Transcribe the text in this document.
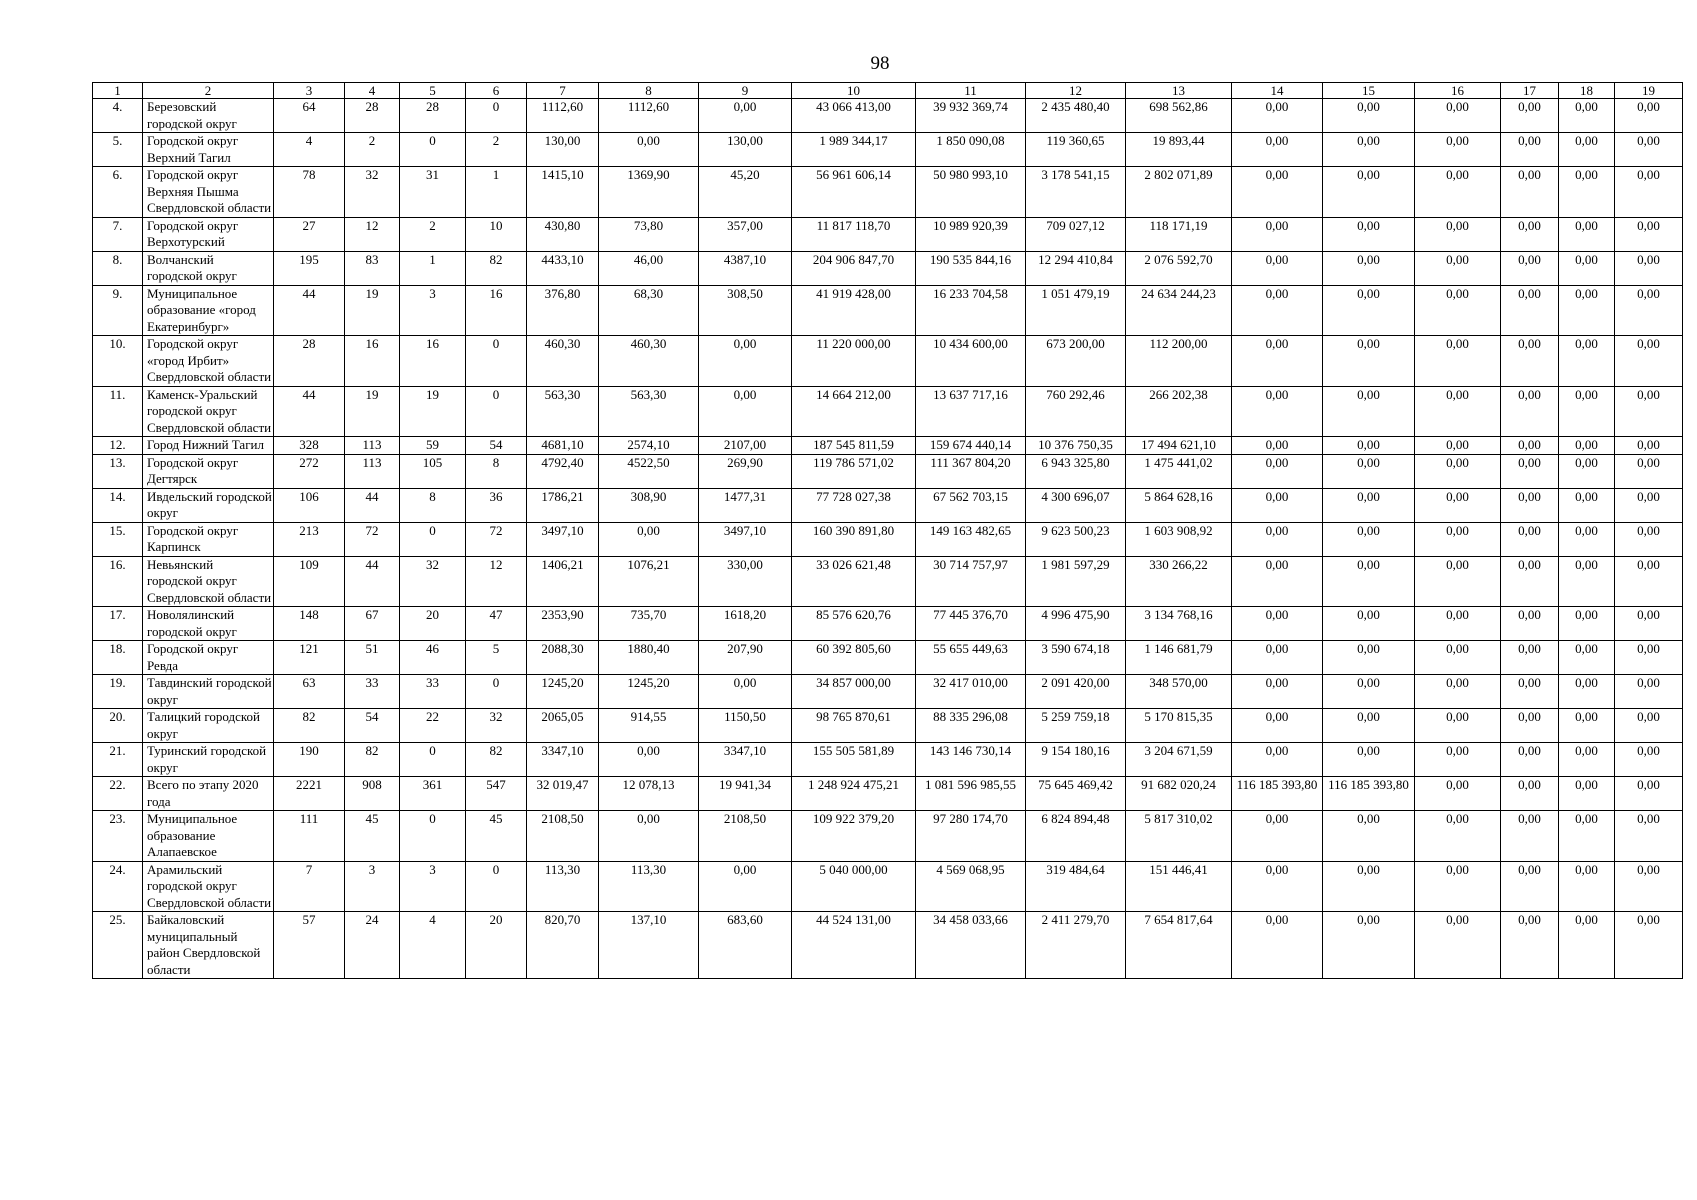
98
1	2	3	4	5	6	7	8	9	10	11	12	13	14	15	16	17	18	19
4.	Березовский городской округ	64	28	28	0	1112,60	1112,60	0,00	43 066 413,00	39 932 369,74	2 435 480,40	698 562,86	0,00	0,00	0,00	0,00	0,00	0,00
5.	Городской округ Верхний Тагил	4	2	0	2	130,00	0,00	130,00	1 989 344,17	1 850 090,08	119 360,65	19 893,44	0,00	0,00	0,00	0,00	0,00	0,00
6.	Городской округ Верхняя Пышма Свердловской области	78	32	31	1	1415,10	1369,90	45,20	56 961 606,14	50 980 993,10	3 178 541,15	2 802 071,89	0,00	0,00	0,00	0,00	0,00	0,00
7.	Городской округ Верхотурский	27	12	2	10	430,80	73,80	357,00	11 817 118,70	10 989 920,39	709 027,12	118 171,19	0,00	0,00	0,00	0,00	0,00	0,00
8.	Волчанский городской округ	195	83	1	82	4433,10	46,00	4387,10	204 906 847,70	190 535 844,16	12 294 410,84	2 076 592,70	0,00	0,00	0,00	0,00	0,00	0,00
9.	Муниципальное образование «город Екатеринбург»	44	19	3	16	376,80	68,30	308,50	41 919 428,00	16 233 704,58	1 051 479,19	24 634 244,23	0,00	0,00	0,00	0,00	0,00	0,00
10.	Городской округ «город Ирбит» Свердловской области	28	16	16	0	460,30	460,30	0,00	11 220 000,00	10 434 600,00	673 200,00	112 200,00	0,00	0,00	0,00	0,00	0,00	0,00
11.	Каменск-Уральский городской округ Свердловской области	44	19	19	0	563,30	563,30	0,00	14 664 212,00	13 637 717,16	760 292,46	266 202,38	0,00	0,00	0,00	0,00	0,00	0,00
12.	Город Нижний Тагил	328	113	59	54	4681,10	2574,10	2107,00	187 545 811,59	159 674 440,14	10 376 750,35	17 494 621,10	0,00	0,00	0,00	0,00	0,00	0,00
13.	Городской округ Дегтярск	272	113	105	8	4792,40	4522,50	269,90	119 786 571,02	111 367 804,20	6 943 325,80	1 475 441,02	0,00	0,00	0,00	0,00	0,00	0,00
14.	Ивдельский городской округ	106	44	8	36	1786,21	308,90	1477,31	77 728 027,38	67 562 703,15	4 300 696,07	5 864 628,16	0,00	0,00	0,00	0,00	0,00	0,00
15.	Городской округ Карпинск	213	72	0	72	3497,10	0,00	3497,10	160 390 891,80	149 163 482,65	9 623 500,23	1 603 908,92	0,00	0,00	0,00	0,00	0,00	0,00
16.	Невьянский городской округ Свердловской области	109	44	32	12	1406,21	1076,21	330,00	33 026 621,48	30 714 757,97	1 981 597,29	330 266,22	0,00	0,00	0,00	0,00	0,00	0,00
17.	Новолялинский городской округ	148	67	20	47	2353,90	735,70	1618,20	85 576 620,76	77 445 376,70	4 996 475,90	3 134 768,16	0,00	0,00	0,00	0,00	0,00	0,00
18.	Городской округ Ревда	121	51	46	5	2088,30	1880,40	207,90	60 392 805,60	55 655 449,63	3 590 674,18	1 146 681,79	0,00	0,00	0,00	0,00	0,00	0,00
19.	Тавдинский городской округ	63	33	33	0	1245,20	1245,20	0,00	34 857 000,00	32 417 010,00	2 091 420,00	348 570,00	0,00	0,00	0,00	0,00	0,00	0,00
20.	Талицкий городской округ	82	54	22	32	2065,05	914,55	1150,50	98 765 870,61	88 335 296,08	5 259 759,18	5 170 815,35	0,00	0,00	0,00	0,00	0,00	0,00
21.	Туринский городской округ	190	82	0	82	3347,10	0,00	3347,10	155 505 581,89	143 146 730,14	9 154 180,16	3 204 671,59	0,00	0,00	0,00	0,00	0,00	0,00
22.	Всего по этапу 2020 года	2221	908	361	547	32 019,47	12 078,13	19 941,34	1 248 924 475,21	1 081 596 985,55	75 645 469,42	91 682 020,24	116 185 393,80	116 185 393,80	0,00	0,00	0,00	0,00
23.	Муниципальное образование Алапаевское	111	45	0	45	2108,50	0,00	2108,50	109 922 379,20	97 280 174,70	6 824 894,48	5 817 310,02	0,00	0,00	0,00	0,00	0,00	0,00
24.	Арамильский городской округ Свердловской области	7	3	3	0	113,30	113,30	0,00	5 040 000,00	4 569 068,95	319 484,64	151 446,41	0,00	0,00	0,00	0,00	0,00	0,00
25.	Байкаловский муниципальный район Свердловской области	57	24	4	20	820,70	137,10	683,60	44 524 131,00	34 458 033,66	2 411 279,70	7 654 817,64	0,00	0,00	0,00	0,00	0,00	0,00
